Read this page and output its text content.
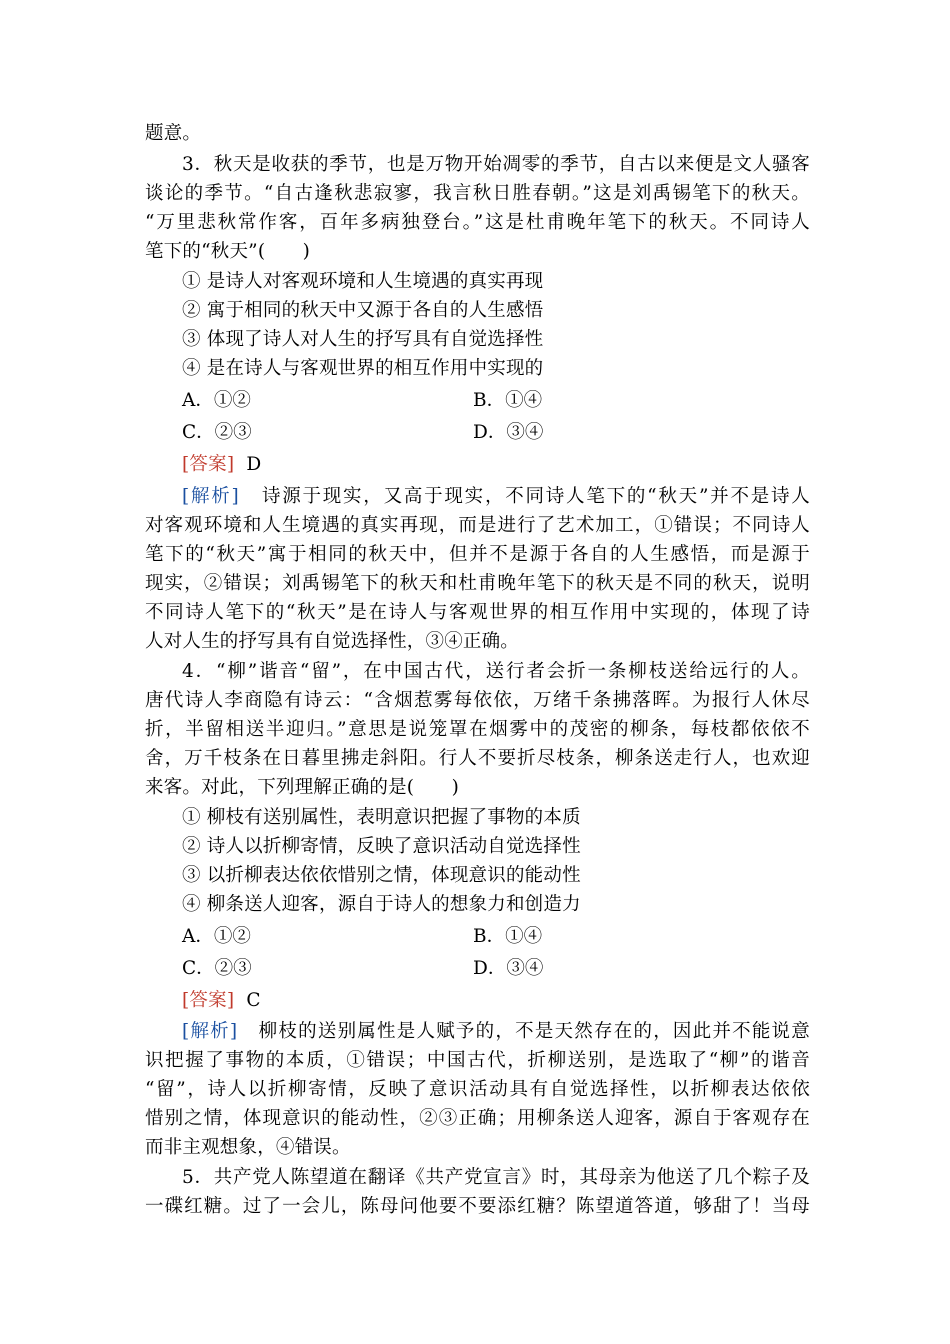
题意。
3．秋天是收获的季节，也是万物开始凋零的季节，自古以来便是文人骚客
谈论的季节。“自古逢秋悲寂寥，我言秋日胜春朝。”这是刘禹锡笔下的秋天。
“万里悲秋常作客，百年多病独登台。”这是杜甫晚年笔下的秋天。不同诗人
笔下的“秋天”(　　)
① 是诗人对客观环境和人生境遇的真实再现
② 寓于相同的秋天中又源于各自的人生感悟
③ 体现了诗人对人生的抒写具有自觉选择性
④ 是在诗人与客观世界的相互作用中实现的
A．①②	B．①④
C．②③	D．③④
[答案] D
[解析] 诗源于现实，又高于现实，不同诗人笔下的“秋天”并不是诗人
对客观环境和人生境遇的真实再现，而是进行了艺术加工，①错误；不同诗人
笔下的“秋天”寓于相同的秋天中，但并不是源于各自的人生感悟，而是源于
现实，②错误；刘禹锡笔下的秋天和杜甫晚年笔下的秋天是不同的秋天，说明
不同诗人笔下的“秋天”是在诗人与客观世界的相互作用中实现的，体现了诗
人对人生的抒写具有自觉选择性，③④正确。
4．“柳”谐音“留”，在中国古代，送行者会折一条柳枝送给远行的人。
唐代诗人李商隐有诗云：“含烟惹雾每依依，万绪千条拂落晖。为报行人休尽
折，半留相送半迎归。”意思是说笼罩在烟雾中的茂密的柳条，每枝都依依不
舍，万千枝条在日暮里拂走斜阳。行人不要折尽枝条，柳条送走行人，也欢迎
来客。对此，下列理解正确的是(　　)
① 柳枝有送别属性，表明意识把握了事物的本质
② 诗人以折柳寄情，反映了意识活动自觉选择性
③ 以折柳表达依依惜别之情，体现意识的能动性
④ 柳条送人迎客，源自于诗人的想象力和创造力
A．①②	B．①④
C．②③	D．③④
[答案] C
[解析] 柳枝的送别属性是人赋予的，不是天然存在的，因此并不能说意
识把握了事物的本质，①错误；中国古代，折柳送别，是选取了“柳”的谐音
“留”，诗人以折柳寄情，反映了意识活动具有自觉选择性，以折柳表达依依
惜别之情，体现意识的能动性，②③正确；用柳条送人迎客，源自于客观存在
而非主观想象，④错误。
5．共产党人陈望道在翻译《共产党宣言》时，其母亲为他送了几个粽子及
一碟红糖。过了一会儿，陈母问他要不要添红糖？陈望道答道，够甜了！当母
